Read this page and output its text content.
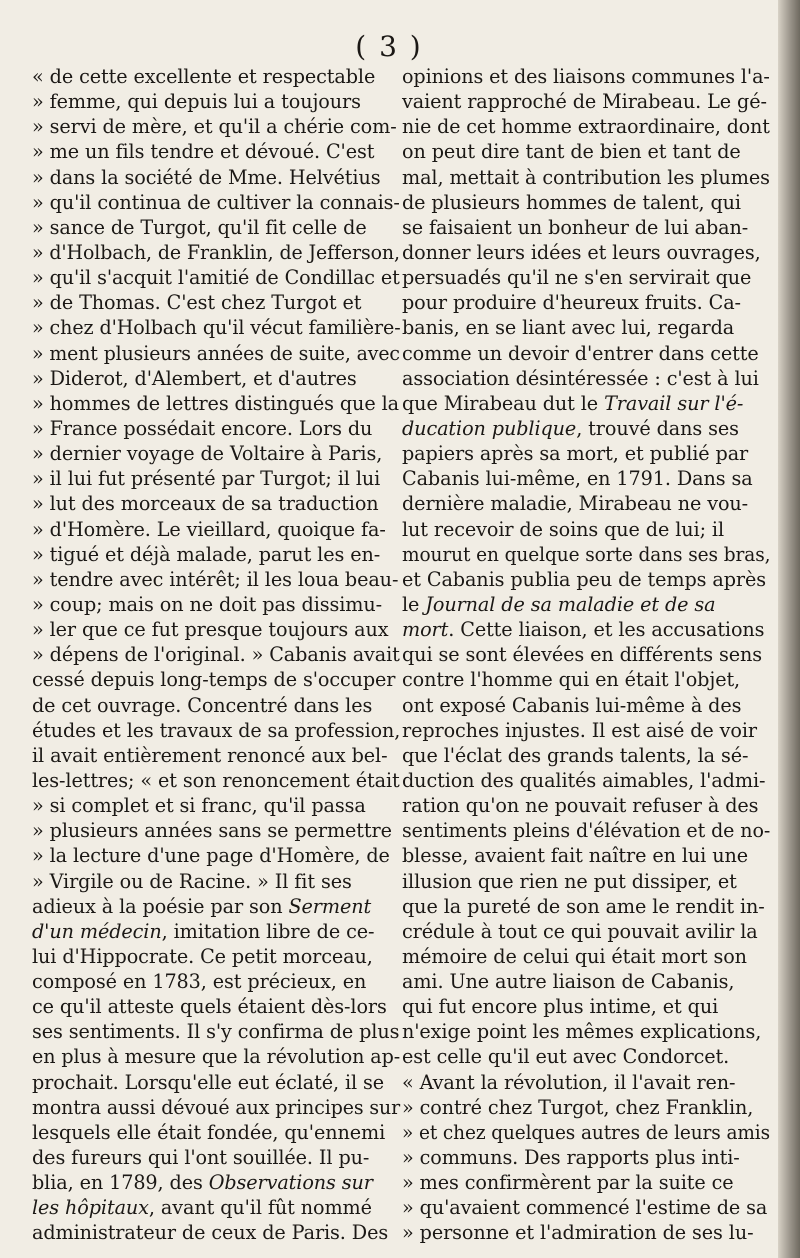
( 3 )
« de cette excellente et respectable
» femme, qui depuis lui a toujours
» servi de mère, et qu'il a chérie com-
» me un fils tendre et dévoué. C'est
» dans la société de Mme. Helvétius
» qu'il continua de cultiver la connais-
» sance de Turgot, qu'il fit celle de
» d'Holbach, de Franklin, de Jefferson,
» qu'il s'acquit l'amitié de Condillac et
» de Thomas. C'est chez Turgot et
» chez d'Holbach qu'il vécut familière-
» ment plusieurs années de suite, avec
» Diderot, d'Alembert, et d'autres
» hommes de lettres distingués que la
» France possédait encore. Lors du
» dernier voyage de Voltaire à Paris,
» il lui fut présenté par Turgot; il lui
» lut des morceaux de sa traduction
» d'Homère. Le vieillard, quoique fa-
» tigué et déjà malade, parut les en-
» tendre avec intérêt; il les loua beau-
» coup; mais on ne doit pas dissimu-
» ler que ce fut presque toujours aux
» dépens de l'original. » Cabanis avait
cessé depuis long-temps de s'occuper
de cet ouvrage. Concentré dans les
études et les travaux de sa profession,
il avait entièrement renoncé aux bel-
les-lettres; « et son renoncement était
» si complet et si franc, qu'il passa
» plusieurs années sans se permettre
» la lecture d'une page d'Homère, de
» Virgile ou de Racine. » Il fit ses
adieux à la poésie par son Serment
d'un médecin, imitation libre de ce-
lui d'Hippocrate. Ce petit morceau,
composé en 1783, est précieux, en
ce qu'il atteste quels étaient dès-lors
ses sentiments. Il s'y confirma de plus
en plus à mesure que la révolution ap-
prochait. Lorsqu'elle eut éclaté, il se
montra aussi dévoué aux principes sur
lesquels elle était fondée, qu'ennemi
des fureurs qui l'ont souillée. Il pu-
blia, en 1789, des Observations sur
les hôpitaux, avant qu'il fût nommé
administrateur de ceux de Paris. Des
opinions et des liaisons communes l'a-
vaient rapproché de Mirabeau. Le gé-
nie de cet homme extraordinaire, dont
on peut dire tant de bien et tant de
mal, mettait à contribution les plumes
de plusieurs hommes de talent, qui
se faisaient un bonheur de lui aban-
donner leurs idées et leurs ouvrages,
persuadés qu'il ne s'en servirait que
pour produire d'heureux fruits. Ca-
banis, en se liant avec lui, regarda
comme un devoir d'entrer dans cette
association désintéressée : c'est à lui
que Mirabeau dut le Travail sur l'é-
ducation publique, trouvé dans ses
papiers après sa mort, et publié par
Cabanis lui-même, en 1791. Dans sa
dernière maladie, Mirabeau ne vou-
lut recevoir de soins que de lui; il
mourut en quelque sorte dans ses bras,
et Cabanis publia peu de temps après
le Journal de sa maladie et de sa
mort. Cette liaison, et les accusations
qui se sont élevées en différents sens
contre l'homme qui en était l'objet,
ont exposé Cabanis lui-même à des
reproches injustes. Il est aisé de voir
que l'éclat des grands talents, la sé-
duction des qualités aimables, l'admi-
ration qu'on ne pouvait refuser à des
sentiments pleins d'élévation et de no-
blesse, avaient fait naître en lui une
illusion que rien ne put dissiper, et
que la pureté de son ame le rendit in-
crédule à tout ce qui pouvait avilir la
mémoire de celui qui était mort son
ami. Une autre liaison de Cabanis,
qui fut encore plus intime, et qui
n'exige point les mêmes explications,
est celle qu'il eut avec Condorcet.
« Avant la révolution, il l'avait ren-
» contré chez Turgot, chez Franklin,
» et chez quelques autres de leurs amis
» communs. Des rapports plus inti-
» mes confirmèrent par la suite ce
» qu'avaient commencé l'estime de sa
» personne et l'admiration de ses lu-
